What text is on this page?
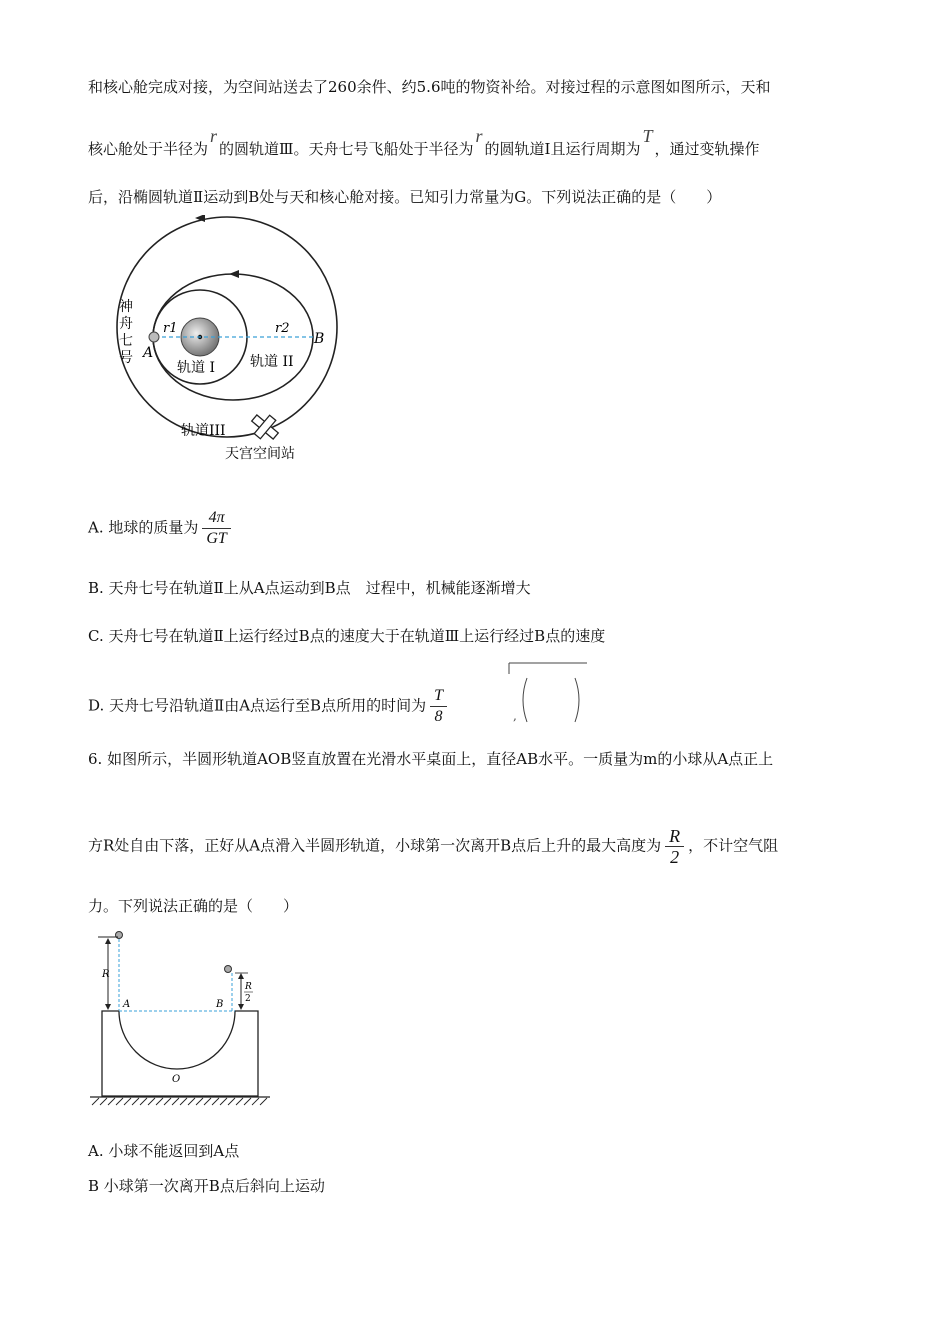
和核心舱完成对接，为空间站送去了260余件、约5.6吨的物资补给。对接过程的示意图如图所示，天和
核心舱处于半径为r的圆轨道Ⅲ。天舟七号飞船处于半径为r的圆轨道Ⅰ且运行周期为T，通过变轨操作
后，沿椭圆轨道Ⅱ运动到B处与天和核心舱对接。已知引力常量为G。下列说法正确的是（　　）
神
舟
七
号 A
B
r1	r2
轨道 I	轨道 II
轨道III
天宫空间站
A. 地球的质量为 $\frac{4\pi}{GT}$
B. 天舟七号在轨道Ⅱ上从A点运动到B点　过程中，机械能逐渐增大
C. 天舟七号在轨道Ⅱ上运行经过B点的速度大于在轨道Ⅲ上运行经过B点的速度
D. 天舟七号沿轨道Ⅱ由A点运行至B点所用的时间为 $\frac{T}{8}$	,
6. 如图所示，半圆形轨道AOB竖直放置在光滑水平桌面上，直径AB水平。一质量为m的小球从A点正上
方R处自由下落，正好从A点滑入半圆形轨道，小球第一次离开B点后上升的最大高度为 $\frac{R}{2}$ ，不计空气阻
力。下列说法正确的是（　　）
R
R
2
A	B
O
A. 小球不能返回到A点
B 小球第一次离开B点后斜向上运动
